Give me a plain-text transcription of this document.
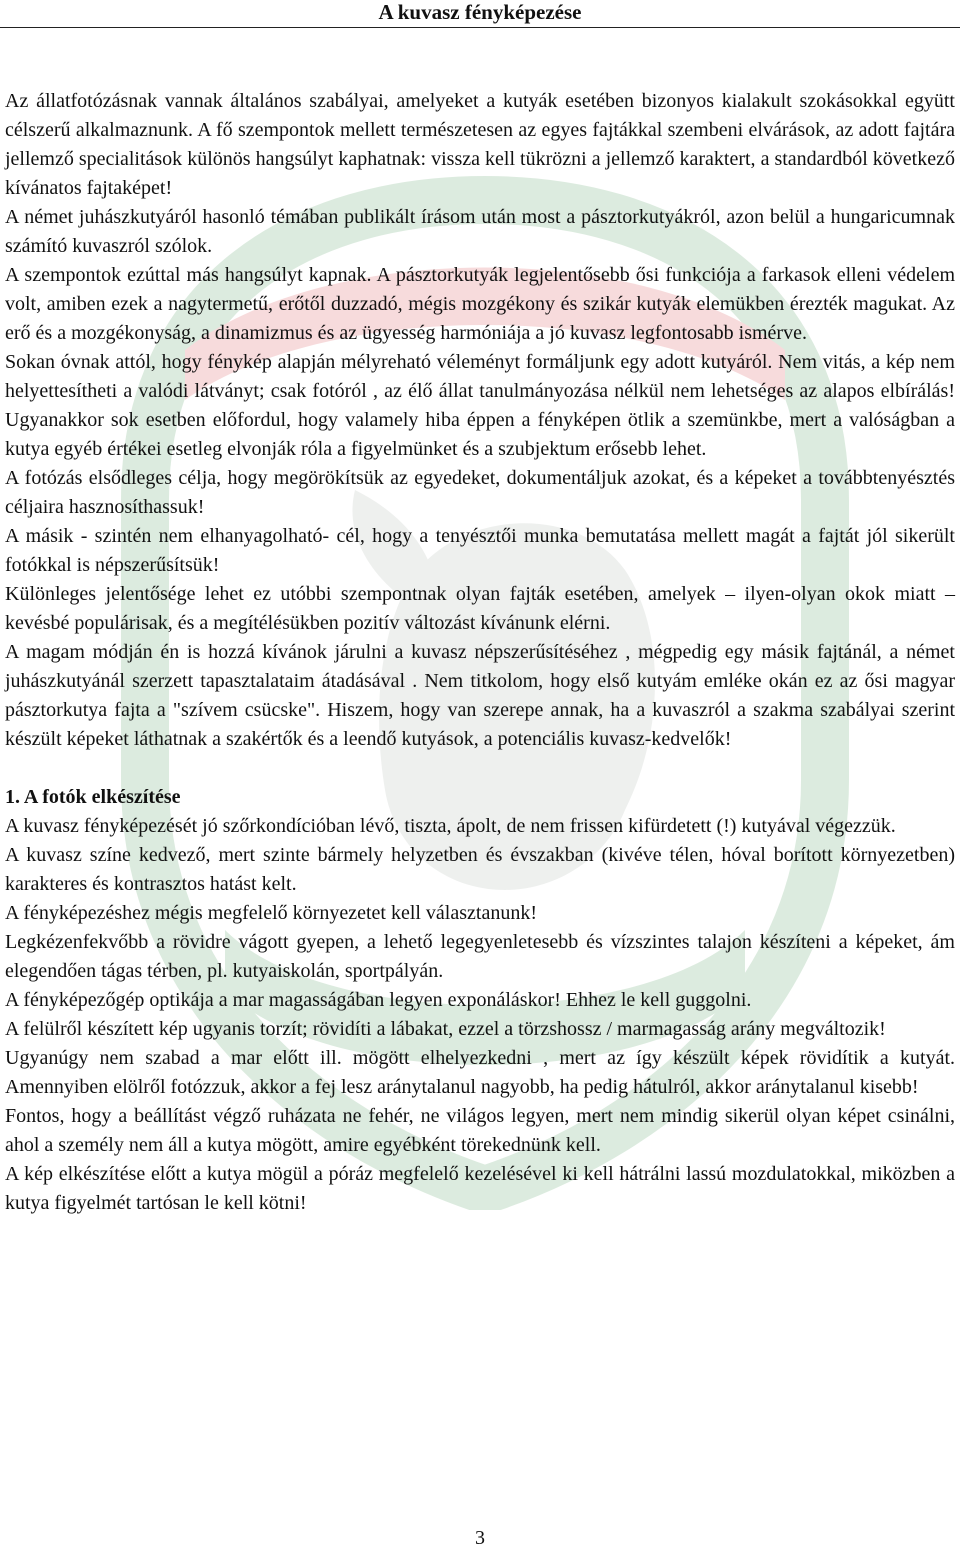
A kuvasz fényképezése

Az állatfotózásnak vannak általános szabályai, amelyeket a kutyák esetében bizonyos kialakult szokásokkal együtt célszerű alkalmaznunk. A fő szempontok mellett természetesen az egyes fajtákkal szembeni elvárások, az adott fajtára jellemző specialitások különös hangsúlyt kaphatnak: vissza kell tükrözni a jellemző karaktert, a standardból következő kívánatos fajtaképet!

A német juhászkutyáról hasonló témában publikált írásom után most a pásztorkutyákról, azon belül a hungaricumnak számító kuvaszról szólok.

A szempontok ezúttal más hangsúlyt kapnak. A pásztorkutyák legjelentősebb ősi funkciója a farkasok elleni védelem volt, amiben ezek a nagytermetű, erőtől duzzadó, mégis mozgékony és szikár kutyák elemükben érezték magukat. Az erő és a mozgékonyság, a dinamizmus és az ügyesség harmóniája a jó kuvasz legfontosabb ismérve.

Sokan óvnak attól, hogy fénykép alapján mélyreható véleményt formáljunk egy adott kutyáról. Nem vitás, a kép nem helyettesítheti a valódi látványt; csak fotóról , az élő állat tanulmányozása nélkül nem lehetséges az alapos elbírálás! Ugyanakkor sok esetben előfordul, hogy valamely hiba éppen a fényképen ötlik a szemünkbe, mert a valóságban a kutya egyéb értékei esetleg elvonják róla a figyelmünket és a szubjektum erősebb lehet.

A fotózás elsődleges célja, hogy megörökítsük az egyedeket, dokumentáljuk azokat, és a képeket a továbbtenyésztés céljaira hasznosíthassuk!

A másik - szintén nem elhanyagolható- cél, hogy a tenyésztői munka bemutatása mellett magát a fajtát jól sikerült fotókkal is népszerűsítsük!

Különleges jelentősége lehet ez utóbbi szempontnak olyan fajták esetében, amelyek – ilyen-olyan okok miatt – kevésbé populárisak, és a megítélésükben pozitív változást kívánunk elérni.

A magam módján én is hozzá kívánok járulni a kuvasz népszerűsítéséhez , mégpedig egy másik fajtánál, a német juhászkutyánál szerzett tapasztalataim átadásával . Nem titkolom, hogy első kutyám emléke okán ez az ősi magyar pásztorkutya fajta a "szívem csücske". Hiszem, hogy van szerepe annak, ha a kuvaszról a szakma szabályai szerint készült képeket láthatnak a szakértők és a leendő kutyások, a potenciális kuvasz-kedvelők!

1. A fotók elkészítése

A kuvasz fényképezését jó szőrkondícióban lévő, tiszta, ápolt, de nem frissen kifürdetett (!) kutyával végezzük.

A kuvasz színe kedvező, mert szinte bármely helyzetben és évszakban (kivéve télen, hóval borított környezetben) karakteres és kontrasztos hatást kelt.

A fényképezéshez mégis megfelelő környezetet kell választanunk!

Legkézenfekvőbb a rövidre vágott gyepen, a lehető legegyenletesebb és vízszintes talajon készíteni a képeket, ám elegendően tágas térben, pl. kutyaiskolán, sportpályán.

A fényképezőgép optikája a mar magasságában legyen exponáláskor! Ehhez le kell guggolni.

A felülről készített kép ugyanis torzít; rövidíti a lábakat, ezzel a törzshossz / marmagasság arány megváltozik!

Ugyanúgy nem szabad a mar előtt ill. mögött elhelyezkedni , mert az így készült képek rövidítik a kutyát. Amennyiben elölről fotózzuk, akkor a fej lesz aránytalanul nagyobb, ha pedig hátulról, akkor aránytalanul kisebb!

Fontos, hogy a beállítást végző ruházata ne fehér, ne világos legyen, mert nem mindig sikerül olyan képet csinálni, ahol a személy nem áll a kutya mögött, amire egyébként törekednünk kell.

A kép elkészítése előtt a kutya mögül a póráz megfelelő kezelésével ki kell hátrálni lassú mozdulatokkal, miközben a kutya figyelmét tartósan le kell kötni!

3
